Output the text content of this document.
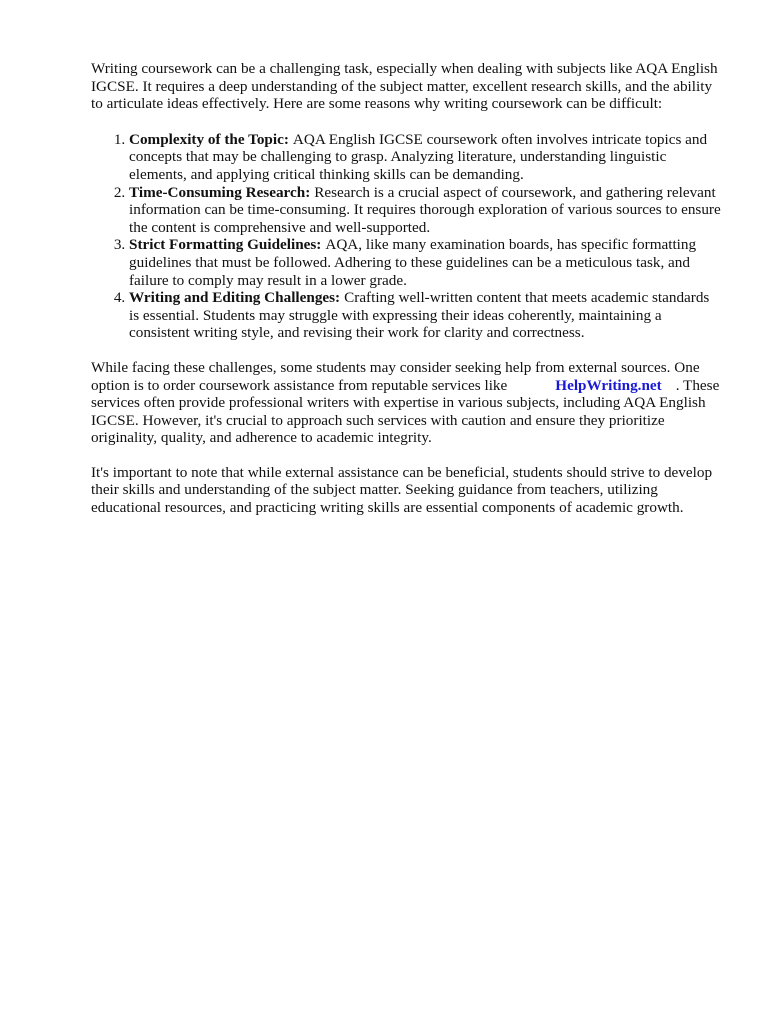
Writing coursework can be a challenging task, especially when dealing with subjects like AQA English IGCSE. It requires a deep understanding of the subject matter, excellent research skills, and the ability to articulate ideas effectively. Here are some reasons why writing coursework can be difficult:

1. Complexity of the Topic: AQA English IGCSE coursework often involves intricate topics and concepts that may be challenging to grasp. Analyzing literature, understanding linguistic elements, and applying critical thinking skills can be demanding.
2. Time-Consuming Research: Research is a crucial aspect of coursework, and gathering relevant information can be time-consuming. It requires thorough exploration of various sources to ensure the content is comprehensive and well-supported.
3. Strict Formatting Guidelines: AQA, like many examination boards, has specific formatting guidelines that must be followed. Adhering to these guidelines can be a meticulous task, and failure to comply may result in a lower grade.
4. Writing and Editing Challenges: Crafting well-written content that meets academic standards is essential. Students may struggle with expressing their ideas coherently, maintaining a consistent writing style, and revising their work for clarity and correctness.

While facing these challenges, some students may consider seeking help from external sources. One option is to order coursework assistance from reputable services like	HelpWriting.net . These services often provide professional writers with expertise in various subjects, including AQA English IGCSE. However, it's crucial to approach such services with caution and ensure they prioritize originality, quality, and adherence to academic integrity.

It's important to note that while external assistance can be beneficial, students should strive to develop their skills and understanding of the subject matter. Seeking guidance from teachers, utilizing educational resources, and practicing writing skills are essential components of academic growth.
